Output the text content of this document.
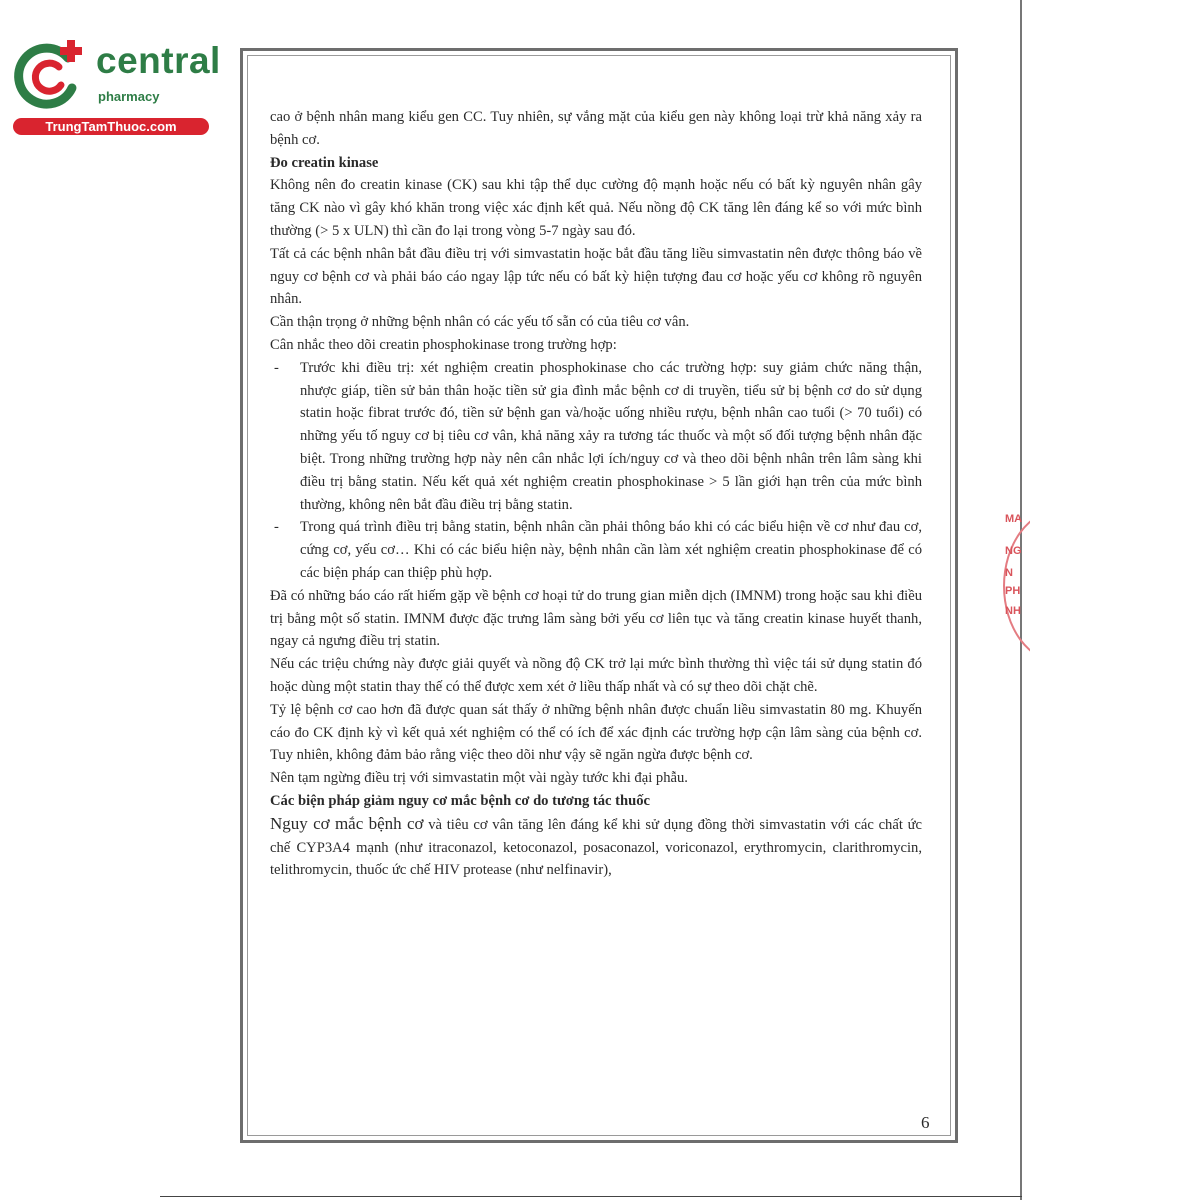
central
pharmacy
TrungTamThuoc.com

cao ở bệnh nhân mang kiểu gen CC. Tuy nhiên, sự vắng mặt của kiểu gen này không loại trừ khả năng xảy ra bệnh cơ.

Đo creatin kinase

Không nên đo creatin kinase (CK) sau khi tập thể dục cường độ mạnh hoặc nếu có bất kỳ nguyên nhân gây tăng CK nào vì gây khó khăn trong việc xác định kết quả. Nếu nồng độ CK tăng lên đáng kể so với mức bình thường (> 5 x ULN) thì cần đo lại trong vòng 5-7 ngày sau đó.

Tất cả các bệnh nhân bắt đầu điều trị với simvastatin hoặc bắt đầu tăng liều simvastatin nên được thông báo về nguy cơ bệnh cơ và phải báo cáo ngay lập tức nếu có bất kỳ hiện tượng đau cơ hoặc yếu cơ không rõ nguyên nhân.

Cần thận trọng ở những bệnh nhân có các yếu tố sẵn có của tiêu cơ vân.

Cân nhắc theo dõi creatin phosphokinase trong trường hợp:

- Trước khi điều trị: xét nghiệm creatin phosphokinase cho các trường hợp: suy giảm chức năng thận, nhược giáp, tiền sử bản thân hoặc tiền sử gia đình mắc bệnh cơ di truyền, tiểu sử bị bệnh cơ do sử dụng statin hoặc fibrat trước đó, tiền sử bệnh gan và/hoặc uống nhiều rượu, bệnh nhân cao tuổi (> 70 tuổi) có những yếu tố nguy cơ bị tiêu cơ vân, khả năng xảy ra tương tác thuốc và một số đối tượng bệnh nhân đặc biệt. Trong những trường hợp này nên cân nhắc lợi ích/nguy cơ và theo dõi bệnh nhân trên lâm sàng khi điều trị bằng statin. Nếu kết quả xét nghiệm creatin phosphokinase > 5 lần giới hạn trên của mức bình thường, không nên bắt đầu điều trị bằng statin.

- Trong quá trình điều trị bằng statin, bệnh nhân cần phải thông báo khi có các biểu hiện về cơ như đau cơ, cứng cơ, yếu cơ… Khi có các biểu hiện này, bệnh nhân cần làm xét nghiệm creatin phosphokinase để có các biện pháp can thiệp phù hợp.

Đã có những báo cáo rất hiếm gặp về bệnh cơ hoại tử do trung gian miễn dịch (IMNM) trong hoặc sau khi điều trị bằng một số statin. IMNM được đặc trưng lâm sàng bởi yếu cơ liên tục và tăng creatin kinase huyết thanh, ngay cả ngưng điều trị statin.

Nếu các triệu chứng này được giải quyết và nồng độ CK trở lại mức bình thường thì việc tái sử dụng statin đó hoặc dùng một statin thay thế có thể được xem xét ở liều thấp nhất và có sự theo dõi chặt chẽ.

Tỷ lệ bệnh cơ cao hơn đã được quan sát thấy ở những bệnh nhân được chuẩn liều simvastatin 80 mg. Khuyến cáo đo CK định kỳ vì kết quả xét nghiệm có thể có ích để xác định các trường hợp cận lâm sàng của bệnh cơ. Tuy nhiên, không đảm bảo rằng việc theo dõi như vậy sẽ ngăn ngừa được bệnh cơ.

Nên tạm ngừng điều trị với simvastatin một vài ngày tước khi đại phẫu.

Các biện pháp giảm nguy cơ mắc bệnh cơ do tương tác thuốc

Nguy cơ mắc bệnh cơ và tiêu cơ vân tăng lên đáng kể khi sử dụng đồng thời simvastatin với các chất ức chế CYP3A4 mạnh (như itraconazol, ketoconazol, posaconazol, voriconazol, erythromycin, clarithromycin, telithromycin, thuốc ức chế HIV protease (như nelfinavir),

6
MA
NG
N
PH
NH
